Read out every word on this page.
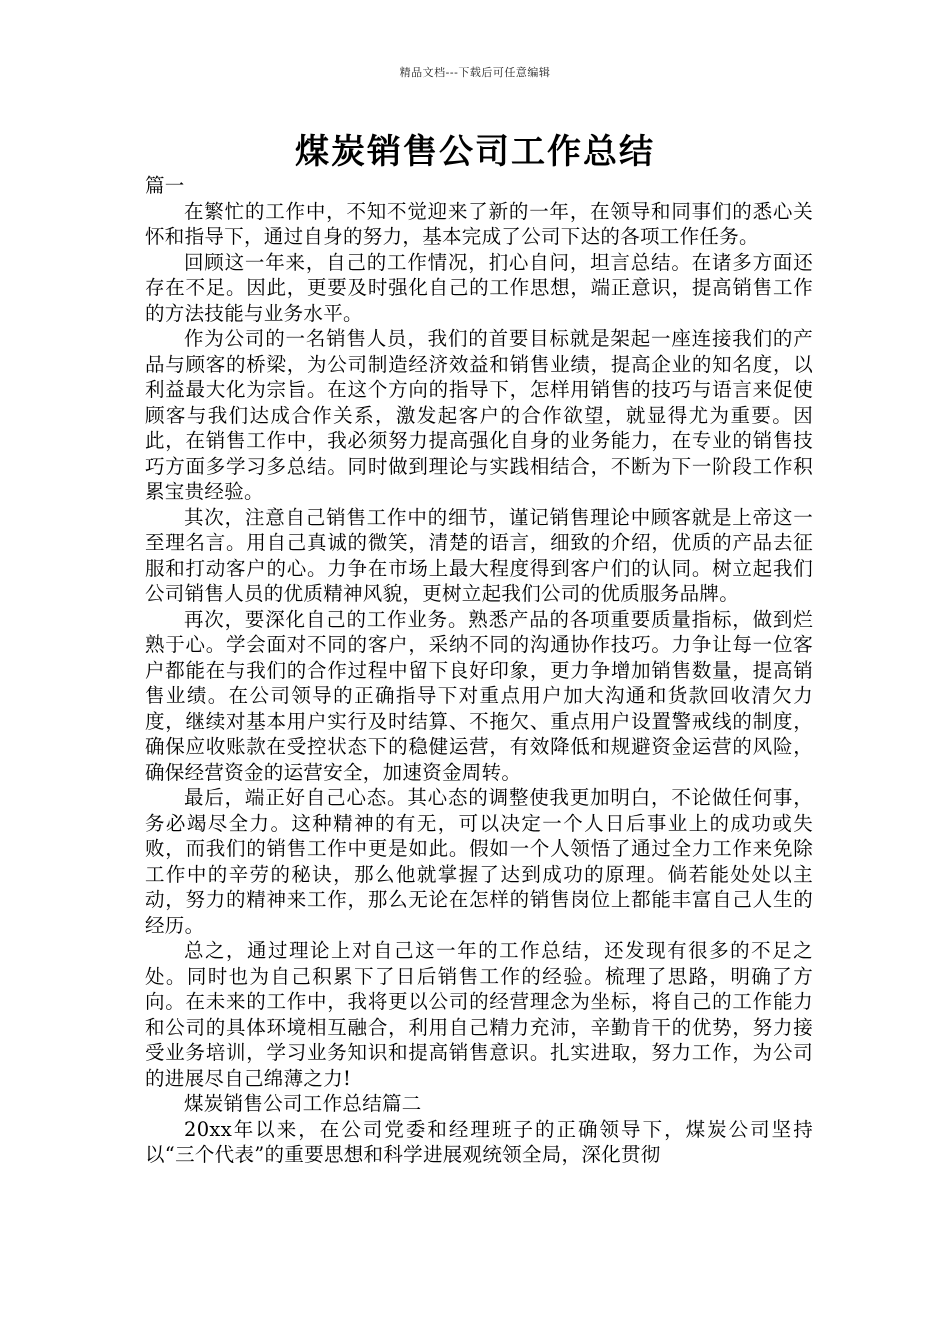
精品文档---下载后可任意编辑
煤炭销售公司工作总结

篇一

在繁忙的工作中，不知不觉迎来了新的一年，在领导和同事们的悉心关怀和指导下，通过自身的努力，基本完成了公司下达的各项工作任务。

回顾这一年来，自己的工作情况，扪心自问，坦言总结。在诸多方面还存在不足。因此，更要及时强化自己的工作思想，端正意识，提高销售工作的方法技能与业务水平。

作为公司的一名销售人员，我们的首要目标就是架起一座连接我们的产品与顾客的桥梁，为公司制造经济效益和销售业绩，提高企业的知名度，以利益最大化为宗旨。在这个方向的指导下，怎样用销售的技巧与语言来促使顾客与我们达成合作关系，激发起客户的合作欲望，就显得尤为重要。因此，在销售工作中，我必须努力提高强化自身的业务能力，在专业的销售技巧方面多学习多总结。同时做到理论与实践相结合，不断为下一阶段工作积累宝贵经验。

其次，注意自己销售工作中的细节，谨记销售理论中顾客就是上帝这一至理名言。用自己真诚的微笑，清楚的语言，细致的介绍，优质的产品去征服和打动客户的心。力争在市场上最大程度得到客户们的认同。树立起我们公司销售人员的优质精神风貌，更树立起我们公司的优质服务品牌。

再次，要深化自己的工作业务。熟悉产品的各项重要质量指标，做到烂熟于心。学会面对不同的客户，采纳不同的沟通协作技巧。力争让每一位客户都能在与我们的合作过程中留下良好印象，更力争增加销售数量，提高销售业绩。在公司领导的正确指导下对重点用户加大沟通和货款回收清欠力度，继续对基本用户实行及时结算、不拖欠、重点用户设置警戒线的制度，确保应收账款在受控状态下的稳健运营，有效降低和规避资金运营的风险，确保经营资金的运营安全，加速资金周转。

最后，端正好自己心态。其心态的调整使我更加明白，不论做任何事，务必竭尽全力。这种精神的有无，可以决定一个人日后事业上的成功或失败，而我们的销售工作中更是如此。假如一个人领悟了通过全力工作来免除工作中的辛劳的秘诀，那么他就掌握了达到成功的原理。倘若能处处以主动，努力的精神来工作，那么无论在怎样的销售岗位上都能丰富自己人生的经历。

总之，通过理论上对自己这一年的工作总结，还发现有很多的不足之处。同时也为自己积累下了日后销售工作的经验。梳理了思路，明确了方向。在未来的工作中，我将更以公司的经营理念为坐标，将自己的工作能力和公司的具体环境相互融合，利用自己精力充沛，辛勤肯干的优势，努力接受业务培训，学习业务知识和提高销售意识。扎实进取，努力工作，为公司的进展尽自己绵薄之力!

煤炭销售公司工作总结篇二

20xx年以来，在公司党委和经理班子的正确领导下，煤炭公司坚持以“三个代表”的重要思想和科学进展观统领全局，深化贯彻
